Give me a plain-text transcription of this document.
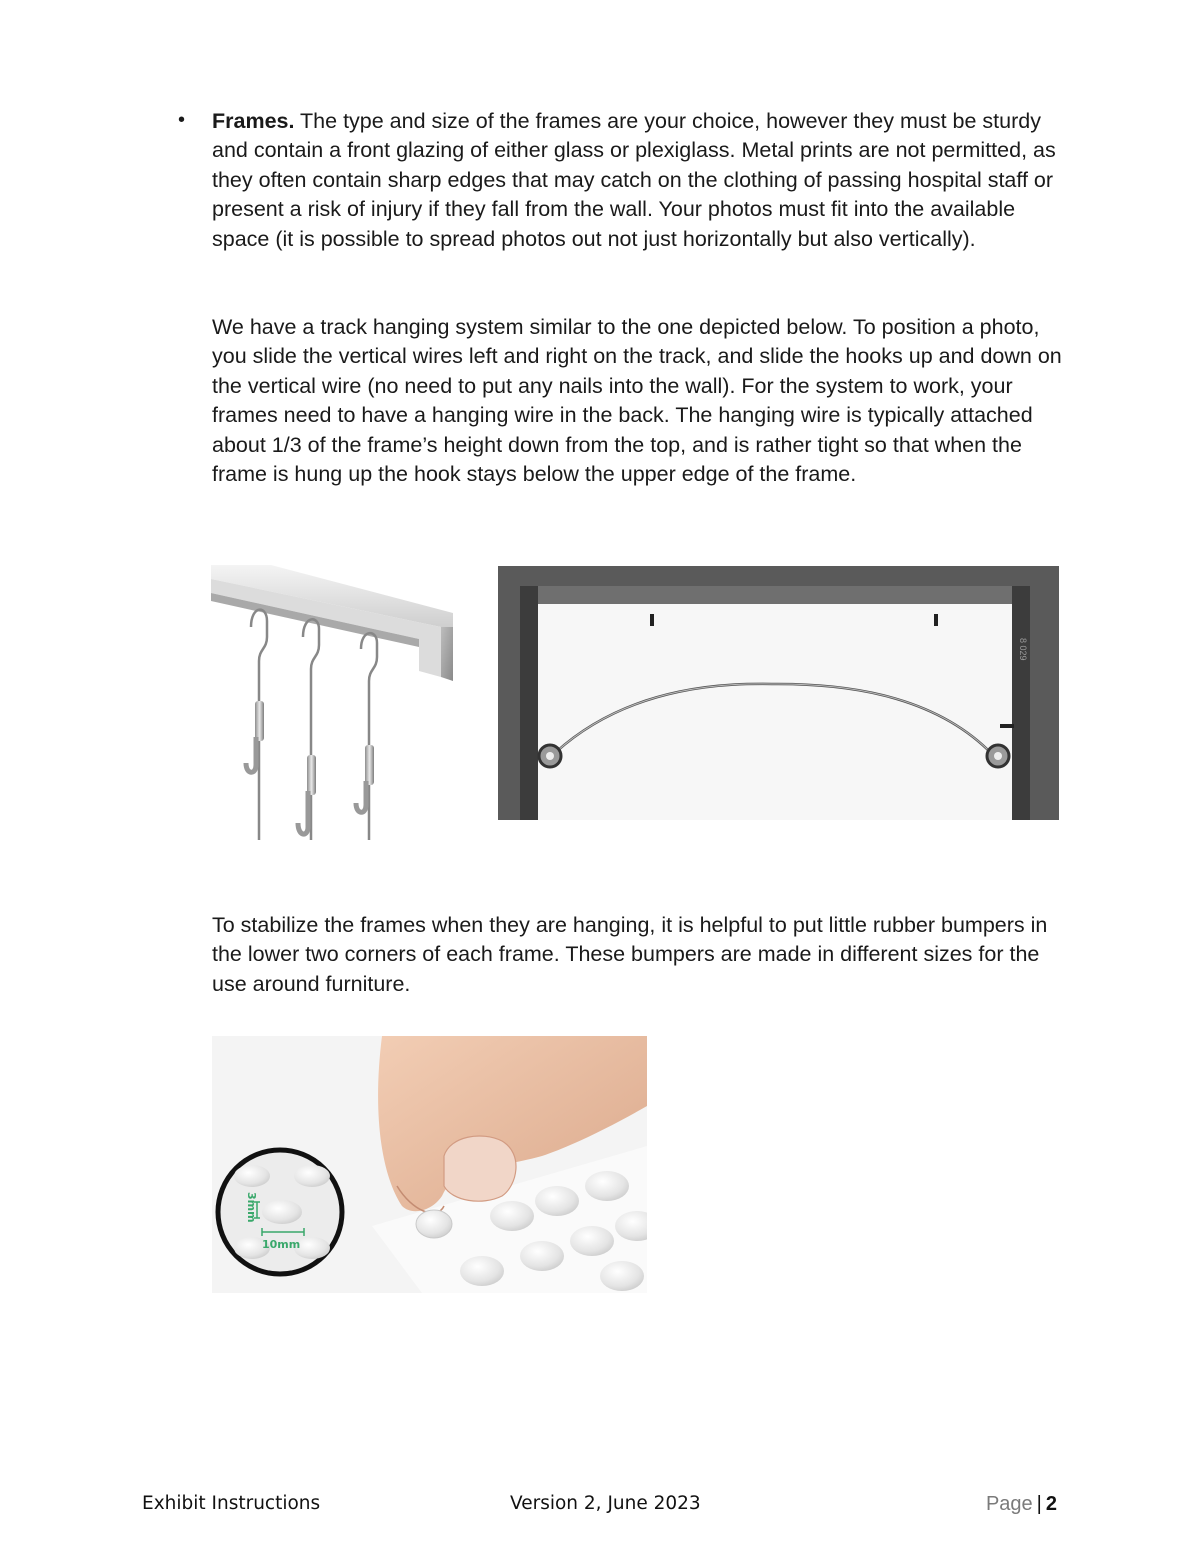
• Frames. The type and size of the frames are your choice, however they must be sturdy and contain a front glazing of either glass or plexiglass. Metal prints are not permitted, as they often contain sharp edges that may catch on the clothing of passing hospital staff or present a risk of injury if they fall from the wall. Your photos must fit into the available space (it is possible to spread photos out not just horizontally but also vertically).

We have a track hanging system similar to the one depicted below. To position a photo, you slide the vertical wires left and right on the track, and slide the hooks up and down on the vertical wire (no need to put any nails into the wall). For the system to work, your frames need to have a hanging wire in the back. The hanging wire is typically attached about 1/3 of the frame’s height down from the top, and is rather tight so that when the frame is hung up the hook stays below the upper edge of the frame.

8 029

To stabilize the frames when they are hanging, it is helpful to put little rubber bumpers in the lower two corners of each frame. These bumpers are made in different sizes for the use around furniture.

3mm
10mm
Exhibit Instructions	Version 2, June 2023	Page | 2
